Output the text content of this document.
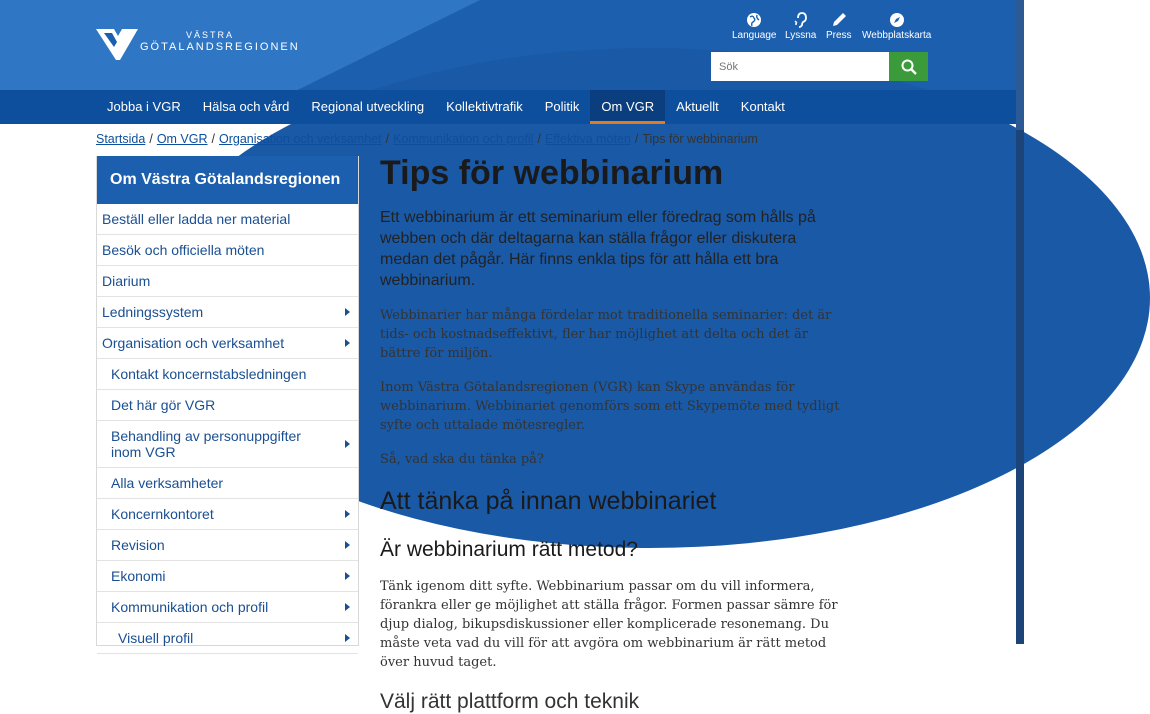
VÄSTRA
GÖTALANDSREGIONEN
Language Lyssna Press Webbplatskarta
Sök
Jobba i VGR	Hälsa och vård	Regional utveckling	Kollektivtrafik	Politik	Om VGR	Aktuellt	Kontakt
Startsida / Om VGR / Organisation och verksamhet / Kommunikation och profil / Effektiva möten / Tips för webbinarium
Om Västra Götalandsregionen
Beställ eller ladda ner material
Besök och officiella möten
Diarium
Ledningssystem
Organisation och verksamhet
Kontakt koncernstabsledningen
Det här gör VGR
Behandling av personuppgifter inom VGR
Alla verksamheter
Koncernkontoret
Revision
Ekonomi
Kommunikation och profil
Visuell profil
Tips för webbinarium

Ett webbinarium är ett seminarium eller föredrag som hålls på webben och där deltagarna kan ställa frågor eller diskutera medan det pågår. Här finns enkla tips för att hålla ett bra webbinarium.

Webbinarier har många fördelar mot traditionella seminarier: det är tids- och kostnadseffektivt, fler har möjlighet att delta och det är bättre för miljön.

Inom Västra Götalandsregionen (VGR) kan Skype användas för webbinarium. Webbinariet genomförs som ett Skypemöte med tydligt syfte och uttalade mötesregler.

Så, vad ska du tänka på?

Att tänka på innan webbinariet
Är webbinarium rätt metod?

Tänk igenom ditt syfte. Webbinarium passar om du vill informera, förankra eller ge möjlighet att ställa frågor. Formen passar sämre för djup dialog, bikupsdiskussioner eller komplicerade resonemang. Du måste veta vad du vill för att avgöra om webbinarium är rätt metod över huvud taget.

Välj rätt plattform och teknik
